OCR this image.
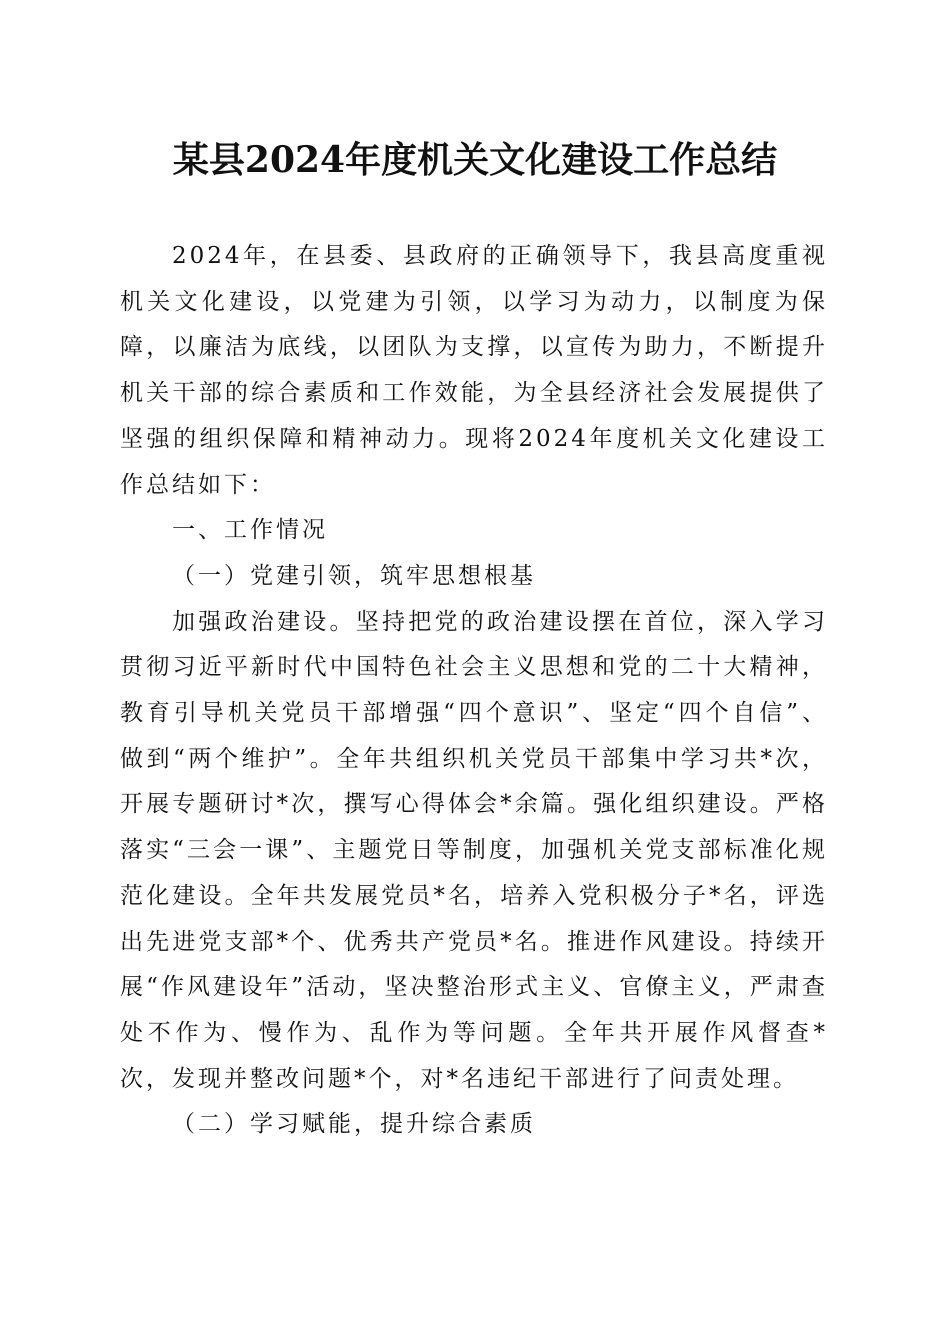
某县2024年度机关文化建设工作总结

2024年，在县委、县政府的正确领导下，我县高度重视机关文化建设，以党建为引领，以学习为动力，以制度为保障，以廉洁为底线，以团队为支撑，以宣传为助力，不断提升机关干部的综合素质和工作效能，为全县经济社会发展提供了坚强的组织保障和精神动力。现将2024年度机关文化建设工作总结如下：

一、工作情况

（一）党建引领，筑牢思想根基

加强政治建设。坚持把党的政治建设摆在首位，深入学习贯彻习近平新时代中国特色社会主义思想和党的二十大精神，教育引导机关党员干部增强“四个意识”、坚定“四个自信”、做到“两个维护”。全年共组织机关党员干部集中学习共*次，开展专题研讨*次，撰写心得体会*余篇。强化组织建设。严格落实“三会一课”、主题党日等制度，加强机关党支部标准化规范化建设。全年共发展党员*名，培养入党积极分子*名，评选出先进党支部*个、优秀共产党员*名。推进作风建设。持续开展“作风建设年”活动，坚决整治形式主义、官僚主义，严肃查处不作为、慢作为、乱作为等问题。全年共开展作风督查*次，发现并整改问题*个，对*名违纪干部进行了问责处理。

（二）学习赋能，提升综合素质
